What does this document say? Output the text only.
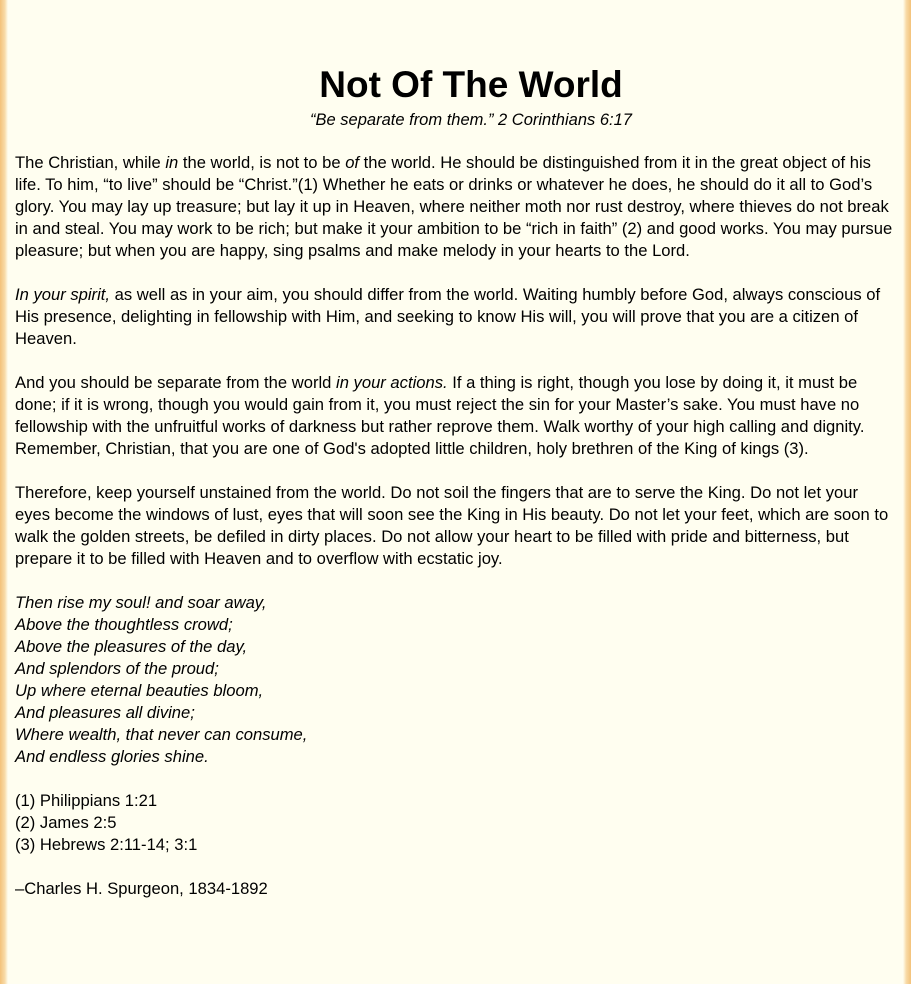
Not Of The World
“Be separate from them.” 2 Corinthians 6:17

The Christian, while in the world, is not to be of the world. He should be distinguished from it in the great object of his life. To him, “to live” should be “Christ.”(1) Whether he eats or drinks or whatever he does, he should do it all to God’s glory. You may lay up treasure; but lay it up in Heaven, where neither moth nor rust destroy, where thieves do not break in and steal. You may work to be rich; but make it your ambition to be “rich in faith” (2) and good works. You may pursue pleasure; but when you are happy, sing psalms and make melody in your hearts to the Lord.

In your spirit, as well as in your aim, you should differ from the world. Waiting humbly before God, always conscious of His presence, delighting in fellowship with Him, and seeking to know His will, you will prove that you are a citizen of Heaven.

And you should be separate from the world in your actions. If a thing is right, though you lose by doing it, it must be done; if it is wrong, though you would gain from it, you must reject the sin for your Master’s sake. You must have no fellowship with the unfruitful works of darkness but rather reprove them. Walk worthy of your high calling and dignity. Remember, Christian, that you are one of God's adopted little children, holy brethren of the King of kings (3).

Therefore, keep yourself unstained from the world. Do not soil the fingers that are to serve the King. Do not let your eyes become the windows of lust, eyes that will soon see the King in His beauty. Do not let your feet, which are soon to walk the golden streets, be defiled in dirty places. Do not allow your heart to be filled with pride and bitterness, but prepare it to be filled with Heaven and to overflow with ecstatic joy.

Then rise my soul! and soar away,
Above the thoughtless crowd;
Above the pleasures of the day,
And splendors of the proud;
Up where eternal beauties bloom,
And pleasures all divine;
Where wealth, that never can consume,
And endless glories shine.
(1) Philippians 1:21
(2) James 2:5
(3) Hebrews 2:11-14; 3:1

–Charles H. Spurgeon, 1834-1892
